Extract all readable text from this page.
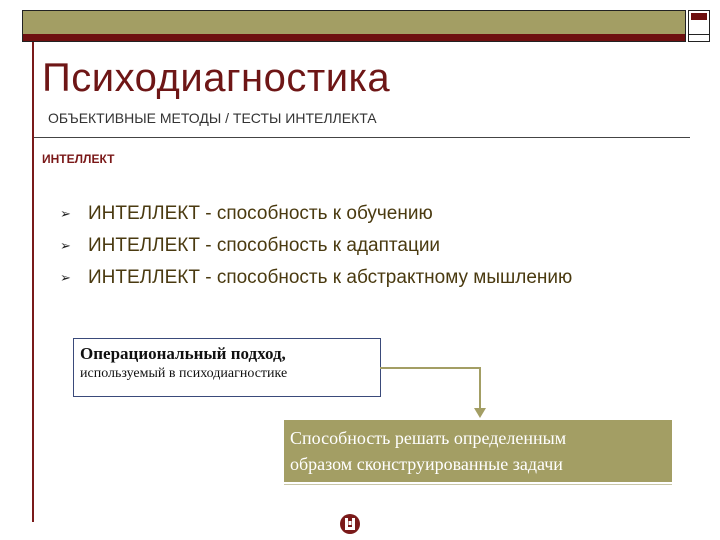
Психодиагностика
ОБЪЕКТИВНЫЕ МЕТОДЫ / ТЕСТЫ ИНТЕЛЛЕКТА
ИНТЕЛЛЕКТ
➢ ИНТЕЛЛЕКТ - способность к обучению
➢ ИНТЕЛЛЕКТ - способность к адаптации
➢ ИНТЕЛЛЕКТ - способность к абстрактному мышлению
Операциональный подход,
используемый в психодиагностике
Способность решать определенным
образом сконструированные задачи
